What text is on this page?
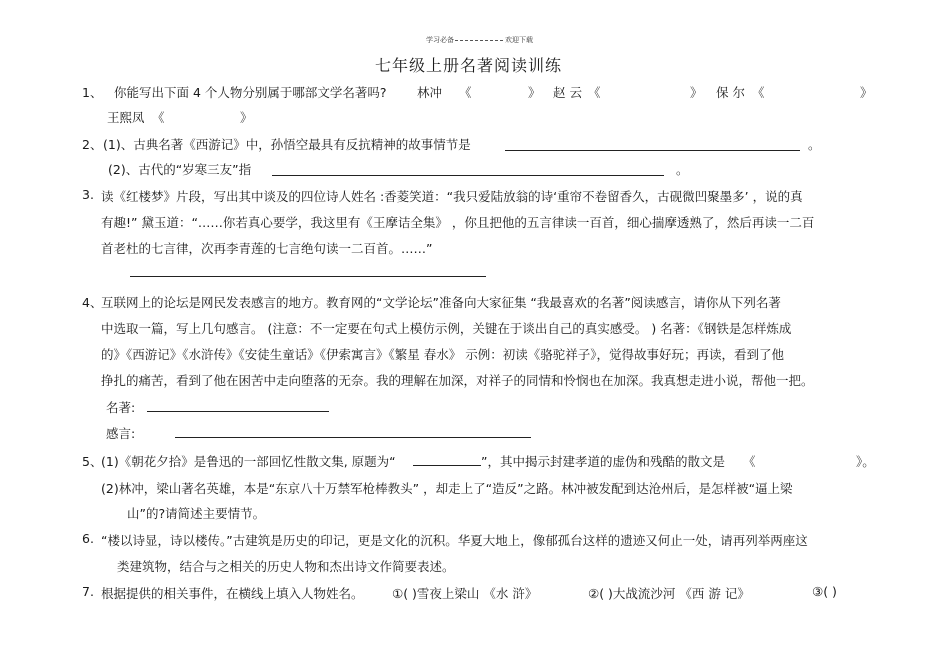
学习必备	欢迎下载
七年级上册名著阅读训练
1、 你能写出下面 4 个人物分别属于哪部文学名著吗? 林冲 《	》 赵 云 《	》 保 尔 《	》
王熙凤 《	》
2、 (1)、古典名著《西游记》中，孙悟空最具有反抗精神的故事情节是	。
(2)、古代的“岁寒三友”指	。
3. 读《红楼梦》片段，写出其中谈及的四位诗人姓名 :香菱笑道：“我只爱陆放翁的诗‘重帘不卷留香久，古砚微凹聚墨多’ ，说的真
有趣!” 黛玉道：“……你若真心要学，我这里有《王摩诘全集》 ，你且把他的五言律读一百首，细心揣摩透熟了，然后再读一二百
首老杜的七言律，次再李青莲的七言绝句读一二百首。……”
4、
互联网上的论坛是网民发表感言的地方。教育网的“文学论坛”准备向大家征集 “我最喜欢的名著”阅读感言，请你从下列名著
中选取一篇，写上几句感言。 (注意：不一定要在句式上模仿示例，关键在于谈出自己的真实感受。 ) 名著：《钢铁是怎样炼成
的》《西游记》《水浒传》《安徒生童话》《伊索寓言》《繁星 春水》 示例：初读《骆驼祥子》，觉得故事好玩；再读，看到了他
挣扎的痛苦，看到了他在困苦中走向堕落的无奈。我的理解在加深，对祥子的同情和怜悯也在加深。我真想走进小说，帮他一把。
名著:
感言:
5、
(1)《朝花夕拾》是鲁迅的一部回忆性散文集, 原题为“	”，其中揭示封建孝道的虚伪和残酷的散文是 《	》。
(2)林冲，梁山著名英雄，本是“东京八十万禁军枪棒教头” ，却走上了“造反”之路。林冲被发配到达沧州后，是怎样被“逼上梁
山”的?请简述主要情节。
6. “楼以诗显，诗以楼传。”古建筑是历史的印记，更是文化的沉积。华夏大地上，像郁孤台这样的遗迹又何止一处，请再列举两座这
类建筑物，结合与之相关的历史人物和杰出诗文作简要表述。
7. 根据提供的相关事件，在横线上填入人物姓名。 ①( )雪夜上梁山 《水 浒》	②( )大战流沙河 《西 游 记》	③( )
